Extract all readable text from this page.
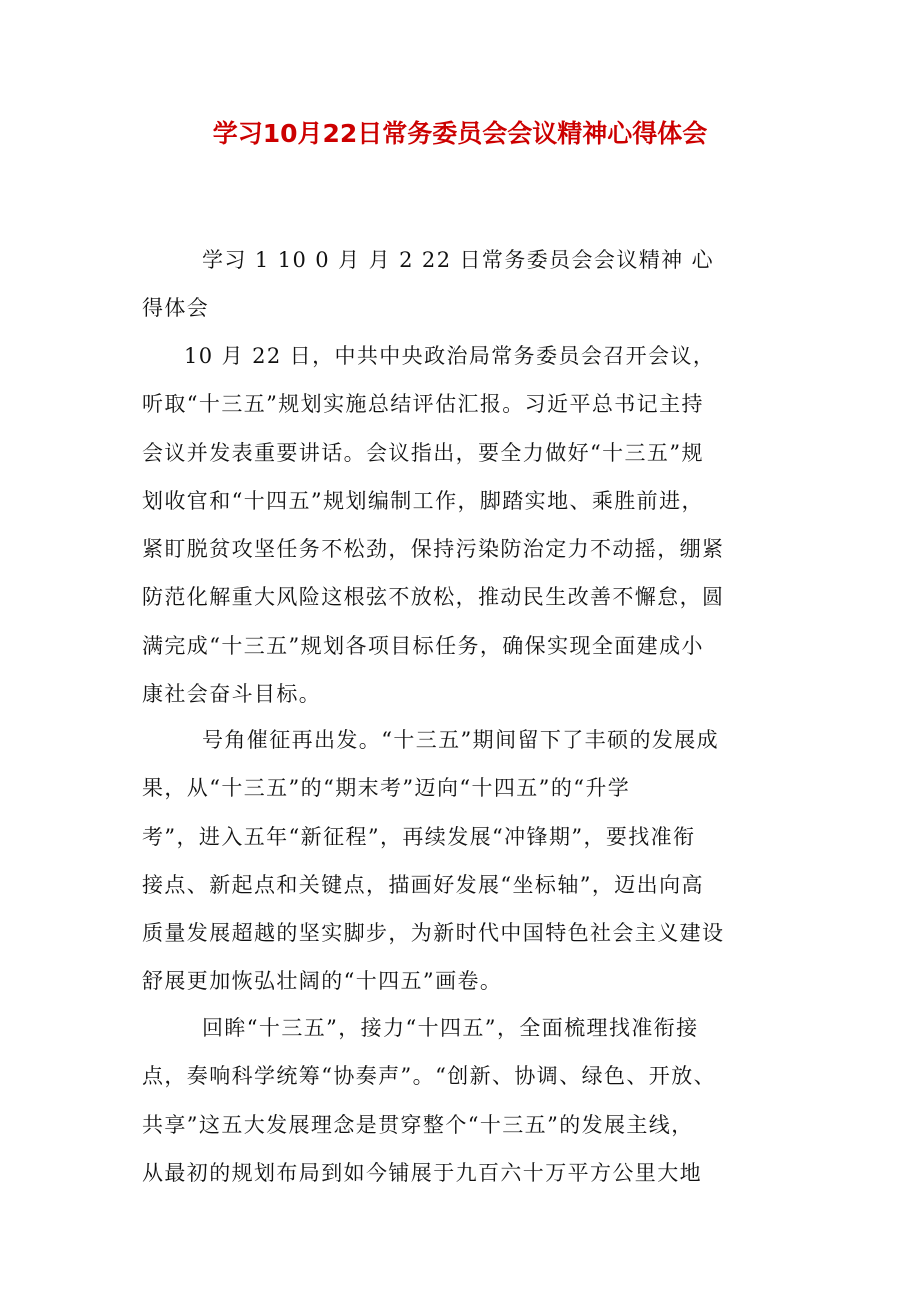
学习10月22日常务委员会会议精神心得体会
学习 1 10 0 月 月 2 22 日常务委员会会议精神 心
得体会
10 月 22 日，中共中央政治局常务委员会召开会议，
听取“十三五”规划实施总结评估汇报。习近平总书记主持
会议并发表重要讲话。会议指出，要全力做好“十三五”规
划收官和“十四五”规划编制工作，脚踏实地、乘胜前进，
紧盯脱贫攻坚任务不松劲，保持污染防治定力不动摇，绷紧
防范化解重大风险这根弦不放松，推动民生改善不懈怠，圆
满完成“十三五”规划各项目标任务，确保实现全面建成小
康社会奋斗目标。
号角催征再出发。“十三五”期间留下了丰硕的发展成
果，从“十三五”的“期末考”迈向“十四五”的“升学
考”，进入五年“新征程”，再续发展“冲锋期”，要找准衔
接点、新起点和关键点，描画好发展“坐标轴”，迈出向高
质量发展超越的坚实脚步，为新时代中国特色社会主义建设
舒展更加恢弘壮阔的“十四五”画卷。
回眸“十三五”，接力“十四五”，全面梳理找准衔接
点，奏响科学统筹“协奏声”。“创新、协调、绿色、开放、
共享”这五大发展理念是贯穿整个“十三五”的发展主线，
从最初的规划布局到如今铺展于九百六十万平方公里大地
